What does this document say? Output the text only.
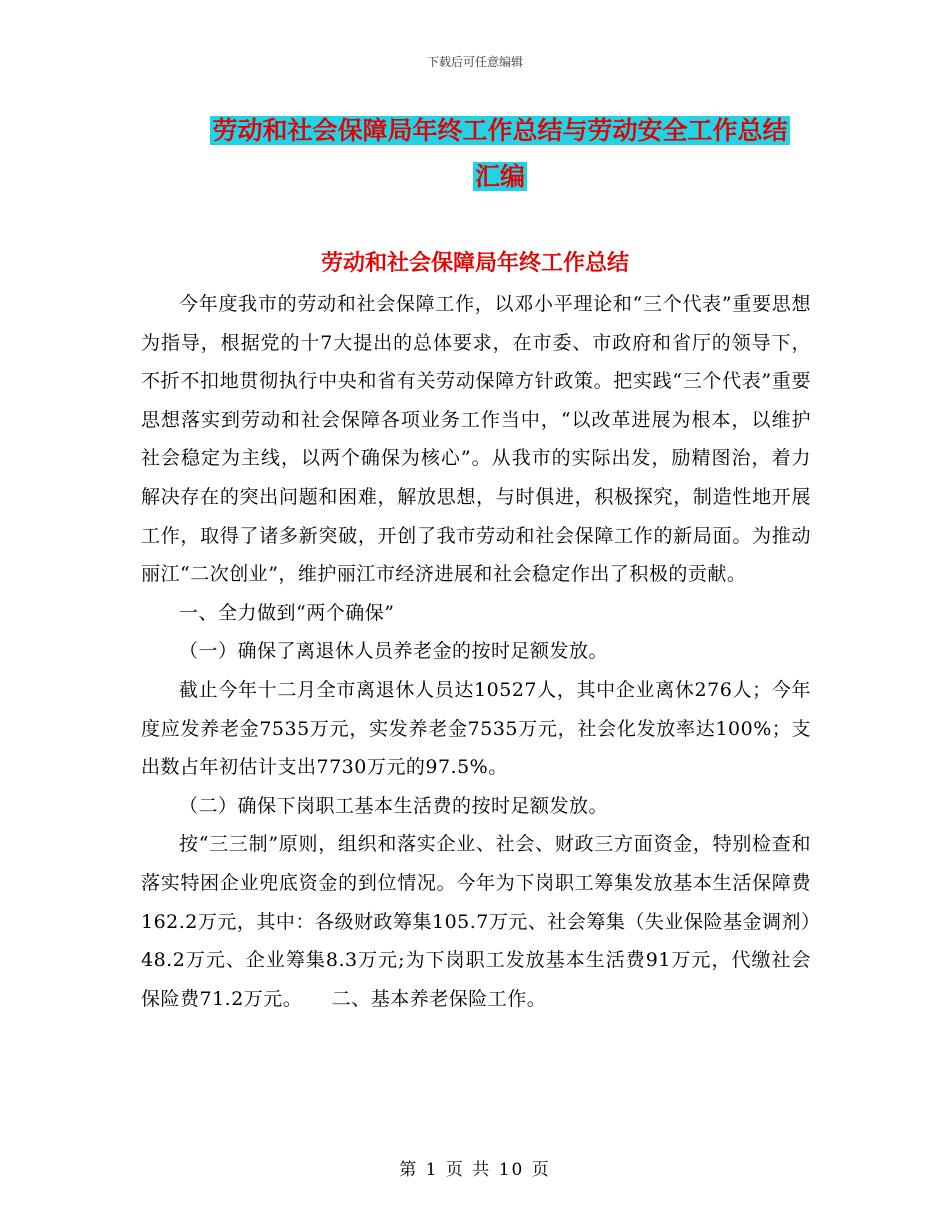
下载后可任意编辑
劳动和社会保障局年终工作总结与劳动安全工作总结
汇编
劳动和社会保障局年终工作总结

今年度我市的劳动和社会保障工作，以邓小平理论和“三个代表”重要思想为指导，根据党的十7大提出的总体要求，在市委、市政府和省厅的领导下，不折不扣地贯彻执行中央和省有关劳动保障方针政策。把实践“三个代表”重要思想落实到劳动和社会保障各项业务工作当中，“以改革进展为根本，以维护社会稳定为主线，以两个确保为核心”。从我市的实际出发，励精图治，着力解决存在的突出问题和困难，解放思想，与时俱进，积极探究，制造性地开展工作，取得了诸多新突破，开创了我市劳动和社会保障工作的新局面。为推动丽江“二次创业”，维护丽江市经济进展和社会稳定作出了积极的贡献。

一、全力做到“两个确保”

（一）确保了离退休人员养老金的按时足额发放。

截止今年十二月全市离退休人员达10527人，其中企业离休276人；今年度应发养老金7535万元，实发养老金7535万元，社会化发放率达100%；支出数占年初估计支出7730万元的97.5%。

（二）确保下岗职工基本生活费的按时足额发放。

按“三三制”原则，组织和落实企业、社会、财政三方面资金，特别检查和落实特困企业兜底资金的到位情况。今年为下岗职工筹集发放基本生活保障费162.2万元，其中：各级财政筹集105.7万元、社会筹集（失业保险基金调剂）48.2万元、企业筹集8.3万元;为下岗职工发放基本生活费91万元，代缴社会保险费71.2万元。　　二、基本养老保险工作。

第 1 页 共 10 页
